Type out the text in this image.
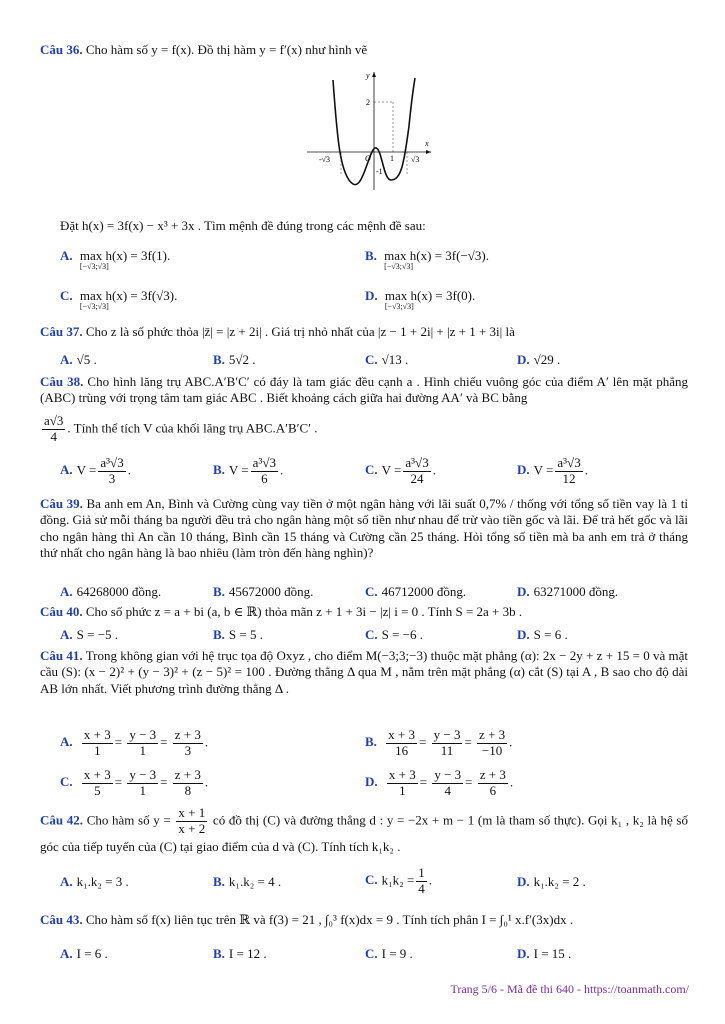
Câu 36. Cho hàm số y = f(x). Đồ thị hàm y = f′(x) như hình vẽ
y
x
O
2
1
-1
-√3	√3
Đặt h(x) = 3f(x) − x³ + 3x . Tìm mệnh đề đúng trong các mệnh đề sau:
A. max h(x) = 3f(1).
[−√3;√3]
B. max h(x) = 3f(−√3).
[−√3;√3]
C. max h(x) = 3f(√3).
[−√3;√3]
D. max h(x) = 3f(0).
[−√3;√3]
Câu 37. Cho z là số phức thỏa |z̄| = |z + 2i| . Giá trị nhỏ nhất của |z − 1 + 2i| + |z + 1 + 3i| là
A. √5 .	B. 5√2 .	C. √13 .	D. √29 .
Câu 38. Cho hình lăng trụ ABC.A′B′C′ có đáy là tam giác đều cạnh a . Hình chiếu vuông góc của điểm A′ lên mặt phẳng (ABC) trùng với trọng tâm tam giác ABC . Biết khoảng cách giữa hai đường AA′ và BC bằng
$\frac{a√3}{4}$ . Tính thể tích V của khối lăng trụ ABC.A′B′C′ .
A. $V = \frac{\text{a³√3}}{3}$ .	B. $V = \frac{\text{a³√3}}{6}$ .	C. $V = \frac{\text{a³√3}}{24}$ .	D. $V = \frac{\text{a³√3}}{12}$ .
Câu 39. Ba anh em An, Bình và Cường cùng vay tiền ở một ngân hàng với lãi suất 0,7% / thống với tổng số tiền vay là 1 tỉ đồng. Giả sử mỗi tháng ba người đều trả cho ngân hàng một số tiền như nhau để trừ vào tiền gốc và lãi. Để trả hết gốc và lãi cho ngân hàng thì An cần 10 tháng, Bình cần 15 tháng và Cường cần 25 tháng. Hỏi tổng số tiền mà ba anh em trả ở tháng thứ nhất cho ngân hàng là bao nhiêu (làm tròn đến hàng nghìn)?
A. 64268000 đồng.	B. 45672000 đồng.	C. 46712000 đồng.	D. 63271000 đồng.
Câu 40. Cho số phức z = a + bi (a, b ∈ ℝ) thỏa mãn z + 1 + 3i − |z| i = 0 . Tính S = 2a + 3b .
A. S = −5 .	B. S = 5 .	C. S = −6 .	D. S = 6 .
Câu 41. Trong không gian với hệ trục tọa độ Oxyz , cho điểm M(−3;3;−3) thuộc mặt phẳng (α): 2x − 2y + z + 15 = 0 và mặt cầu (S): (x − 2)² + (y − 3)² + (z − 5)² = 100 . Đường thẳng Δ qua M , nằm trên mặt phẳng (α) cắt (S) tại A , B sao cho độ dài AB lớn nhất. Viết phương trình đường thẳng Δ .
A. $\frac{x + 3}{1} = \frac{y - 3}{1} = \frac{z + 3}{3}$ .	B. $\frac{x + 3}{16} = \frac{y - 3}{11} = \frac{z + 3}{-10}$ .
C. $\frac{x + 3}{5} = \frac{y - 3}{1} = \frac{z + 3}{8}$ .	D. $\frac{x + 3}{1} = \frac{y - 3}{4} = \frac{z + 3}{6}$ .
Câu 42. Cho hàm số $y = \frac{x + 1}{x + 2}$ có đồ thị (C) và đường thẳng d : y = −2x + m − 1 (m là tham số thực). Gọi k₁ , k₂ là hệ số góc của tiếp tuyến của (C) tại giao điểm của d và (C). Tính tích k₁k₂ .
A. k₁.k₂ = 3 .	B. k₁.k₂ = 4 .	C. $k_1k_2 = \frac{1}{4}$ .	D. k₁.k₂ = 2 .
Câu 43. Cho hàm số f(x) liên tục trên ℝ và f(3) = 21 , ∫₀³ f(x)dx = 9 . Tính tích phân I = ∫₀¹ x.f′(3x)dx .
A. I = 6 .	B. I = 12 .	C. I = 9 .	D. I = 15 .
Trang 5/6 - Mã đề thi 640 - https://toanmath.com/
